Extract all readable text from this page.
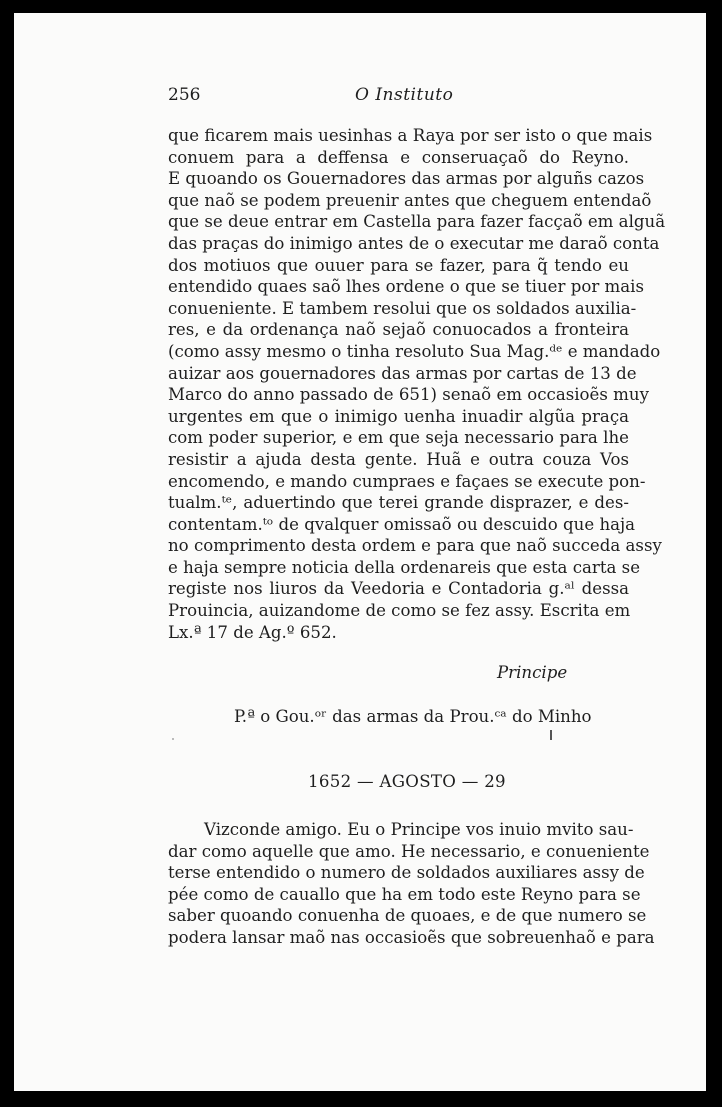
256	O Instituto
que ficarem mais uesinhas a Raya por ser isto o que mais
conuem para a deffensa e conseruaçaõ do Reyno.
E quoando os Gouernadores das armas por alguñs cazos
que naõ se podem preuenir antes que cheguem entendaõ
que se deue entrar em Castella para fazer facçaõ em alguã
das praças do inimigo antes de o executar me daraõ conta
dos motiuos que ouuer para se fazer, para q̃ tendo eu
entendido quaes saõ lhes ordene o que se tiuer por mais
conueniente. E tambem resolui que os soldados auxilia-
res, e da ordenança naõ sejaõ conuocados a fronteira
(como assy mesmo o tinha resoluto Sua Mag.ᵈᵉ e mandado
auizar aos gouernadores das armas por cartas de 13 de
Marco do anno passado de 651) senaõ em occasioẽs muy
urgentes em que o inimigo uenha inuadir algũa praça
com poder superior, e em que seja necessario para lhe
resistir a ajuda desta gente. Huã e outra couza Vos
encomendo, e mando cumpraes e façaes se execute pon-
tualm.ᵗᵉ, aduertindo que terei grande disprazer, e des-
contentam.ᵗᵒ de qvalquer omissaõ ou descuido que haja
no comprimento desta ordem e para que naõ succeda assy
e haja sempre noticia della ordenareis que esta carta se
registe nos liuros da Veedoria e Contadoria g.ᵃˡ dessa
Prouincia, auizandome de como se fez assy. Escrita em
Lx.ª 17 de Ag.º 652.
Principe
P.ª o Gou.ᵒʳ das armas da Prou.ᶜᵃ do Minho
1652 — AGOSTO — 29
Vizconde amigo. Eu o Principe vos inuio mvito sau-
dar como aquelle que amo. He necessario, e conueniente
terse entendido o numero de soldados auxiliares assy de
pée como de cauallo que ha em todo este Reyno para se
saber quoando conuenha de quoaes, e de que numero se
podera lansar maõ nas occasioẽs que sobreuenhaõ e para
